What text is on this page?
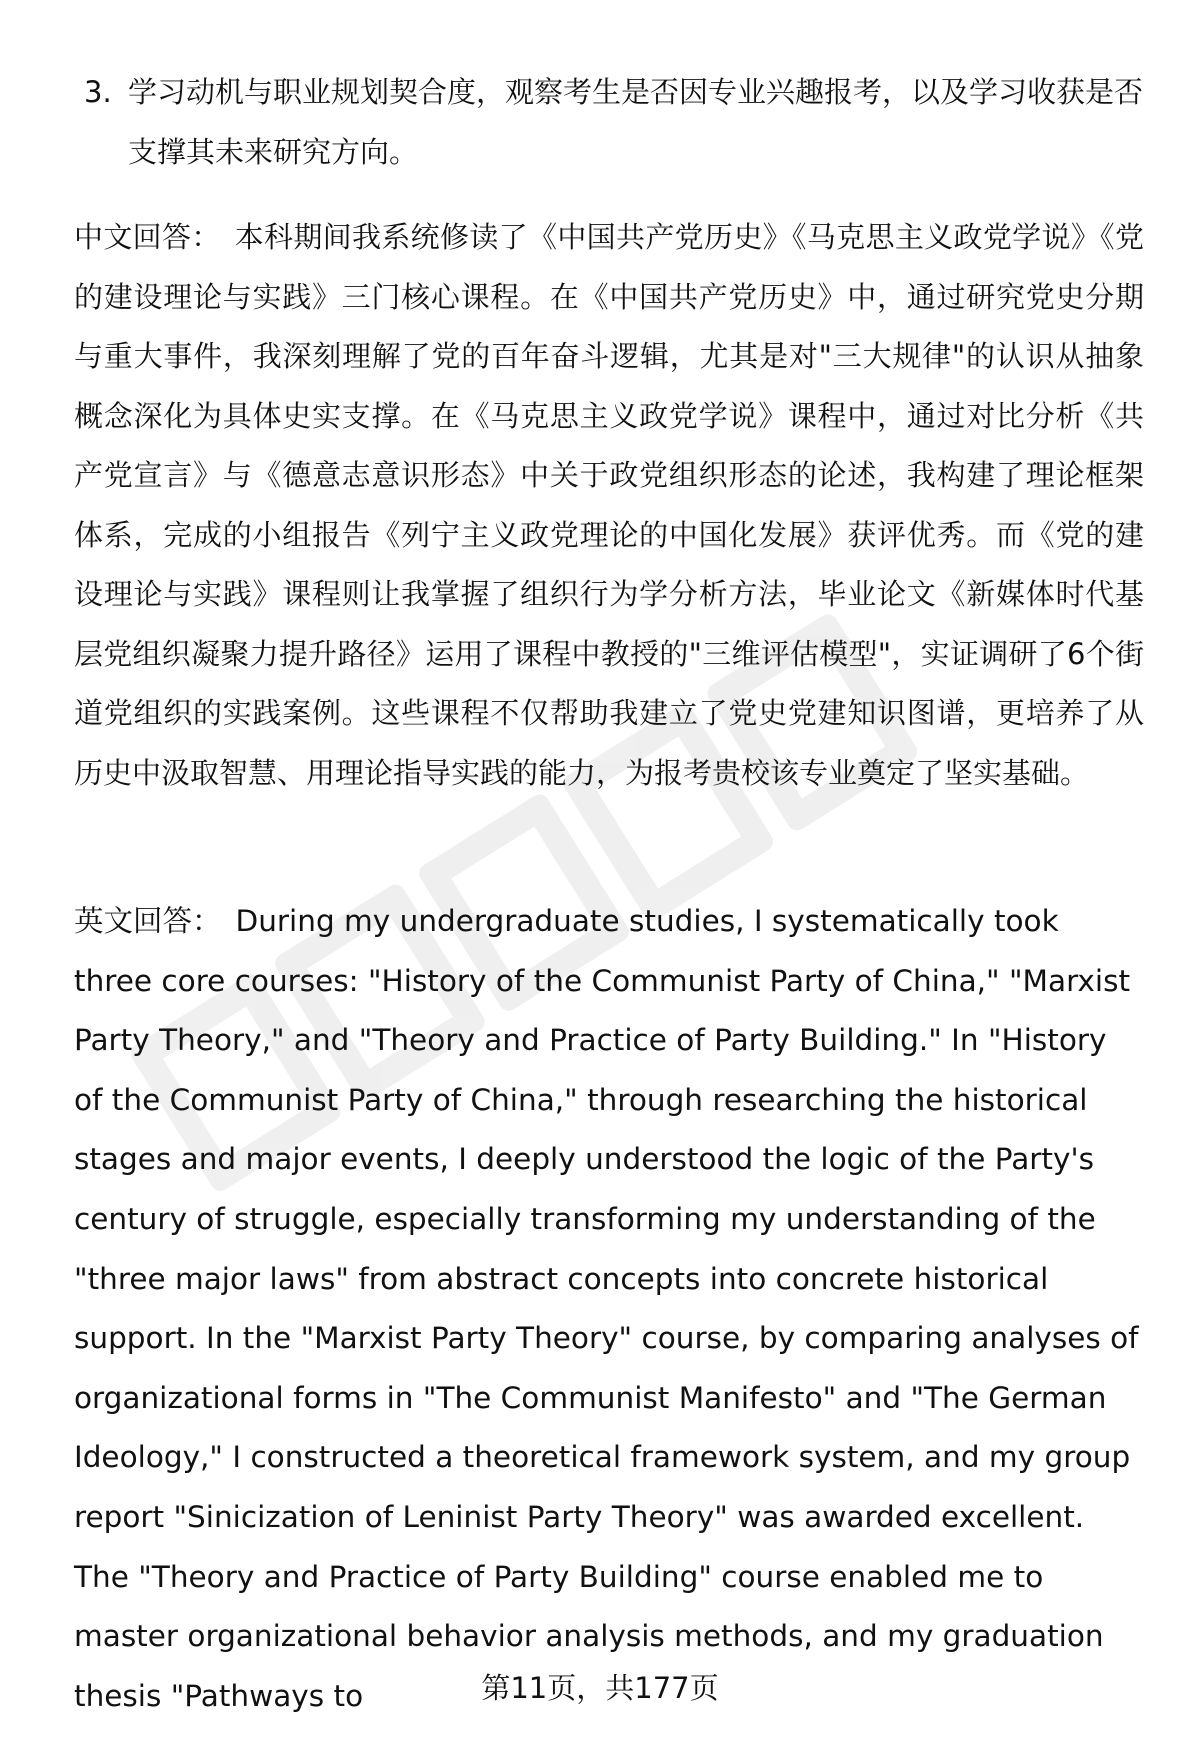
3. 学习动机与职业规划契合度，观察考生是否因专业兴趣报考，以及学习收获是否支撑其未来研究方向。
中文回答： 本科期间我系统修读了《中国共产党历史》《马克思主义政党学说》《党的建设理论与实践》三门核心课程。在《中国共产党历史》中，通过研究党史分期与重大事件，我深刻理解了党的百年奋斗逻辑，尤其是对"三大规律"的认识从抽象概念深化为具体史实支撑。在《马克思主义政党学说》课程中，通过对比分析《共产党宣言》与《德意志意识形态》中关于政党组织形态的论述，我构建了理论框架体系，完成的小组报告《列宁主义政党理论的中国化发展》获评优秀。而《党的建设理论与实践》课程则让我掌握了组织行为学分析方法，毕业论文《新媒体时代基层党组织凝聚力提升路径》运用了课程中教授的"三维评估模型"，实证调研了6个街道党组织的实践案例。这些课程不仅帮助我建立了党史党建知识图谱，更培养了从历史中汲取智慧、用理论指导实践的能力，为报考贵校该专业奠定了坚实基础。
英文回答： During my undergraduate studies, I systematically took three core courses: "History of the Communist Party of China," "Marxist Party Theory," and "Theory and Practice of Party Building." In "History of the Communist Party of China," through researching the historical stages and major events, I deeply understood the logic of the Party's century of struggle, especially transforming my understanding of the "three major laws" from abstract concepts into concrete historical support. In the "Marxist Party Theory" course, by comparing analyses of organizational forms in "The Communist Manifesto" and "The German Ideology," I constructed a theoretical framework system, and my group report "Sinicization of Leninist Party Theory" was awarded excellent. The "Theory and Practice of Party Building" course enabled me to master organizational behavior analysis methods, and my graduation thesis "Pathways to	第11页，共177页
